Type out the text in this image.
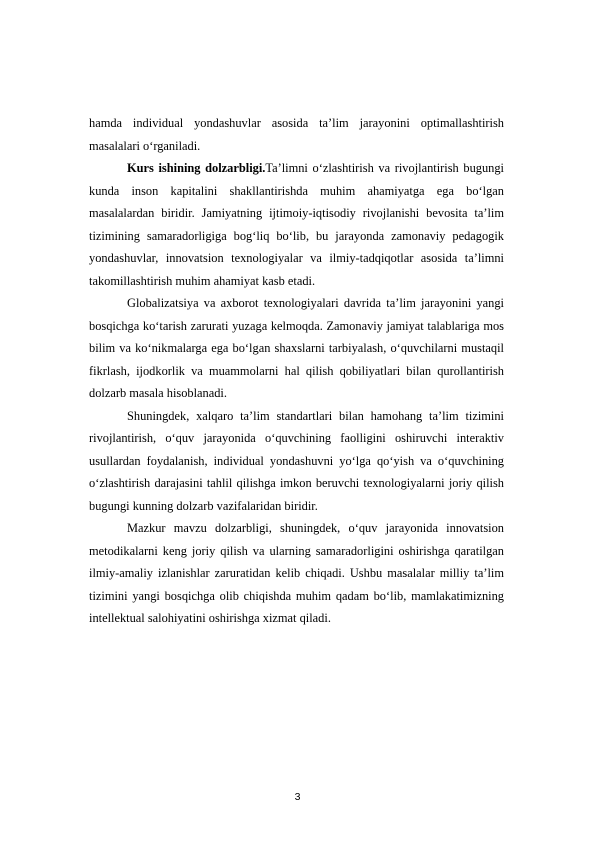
hamda individual yondashuvlar asosida ta’lim jarayonini optimallashtirish masalalari o‘rganiladi.

Kurs ishining dolzarbligi.Ta’limni o‘zlashtirish va rivojlantirish bugungi kunda inson kapitalini shakllantirishda muhim ahamiyatga ega bo‘lgan masalalardan biridir. Jamiyatning ijtimoiy-iqtisodiy rivojlanishi bevosita ta’lim tizimining samaradorligiga bog‘liq bo‘lib, bu jarayonda zamonaviy pedagogik yondashuvlar, innovatsion texnologiyalar va ilmiy-tadqiqotlar asosida ta’limni takomillashtirish muhim ahamiyat kasb etadi.

Globalizatsiya va axborot texnologiyalari davrida ta’lim jarayonini yangi bosqichga ko‘tarish zarurati yuzaga kelmoqda. Zamonaviy jamiyat talablariga mos bilim va ko‘nikmalarga ega bo‘lgan shaxslarni tarbiyalash, o‘quvchilarni mustaqil fikrlash, ijodkorlik va muammolarni hal qilish qobiliyatlari bilan qurollantirish dolzarb masala hisoblanadi.

Shuningdek, xalqaro ta’lim standartlari bilan hamohang ta’lim tizimini rivojlantirish, o‘quv jarayonida o‘quvchining faolligini oshiruvchi interaktiv usullardan foydalanish, individual yondashuvni yo‘lga qo‘yish va o‘quvchining o‘zlashtirish darajasini tahlil qilishga imkon beruvchi texnologiyalarni joriy qilish bugungi kunning dolzarb vazifalaridan biridir.

Mazkur mavzu dolzarbligi, shuningdek, o‘quv jarayonida innovatsion metodikalarni keng joriy qilish va ularning samaradorligini oshirishga qaratilgan ilmiy-amaliy izlanishlar zaruratidan kelib chiqadi. Ushbu masalalar milliy ta’lim tizimini yangi bosqichga olib chiqishda muhim qadam bo‘lib, mamlakatimizning intellektual salohiyatini oshirishga xizmat qiladi.

3
